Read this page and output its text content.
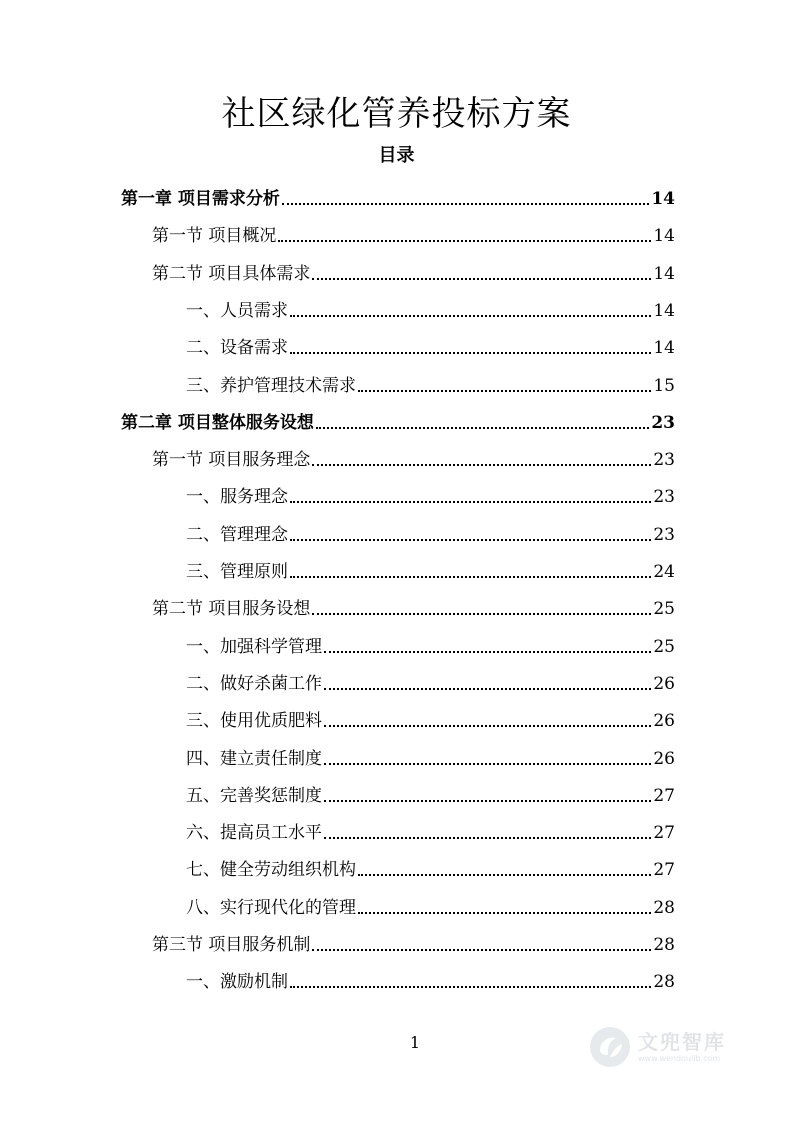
社区绿化管养投标方案
目录
第一章 项目需求分析	14
第一节 项目概况	14
第二节 项目具体需求	14
一、人员需求	14
二、设备需求	14
三、养护管理技术需求	15
第二章 项目整体服务设想	23
第一节 项目服务理念	23
一、服务理念	23
二、管理理念	23
三、管理原则	24
第二节 项目服务设想	25
一、加强科学管理	25
二、做好杀菌工作	26
三、使用优质肥料	26
四、建立责任制度	26
五、完善奖惩制度	27
六、提高员工水平	27
七、健全劳动组织机构	27
八、实行现代化的管理	28
第三节 项目服务机制	28
一、激励机制	28
1	文兜智库
www.wendoulib.com
